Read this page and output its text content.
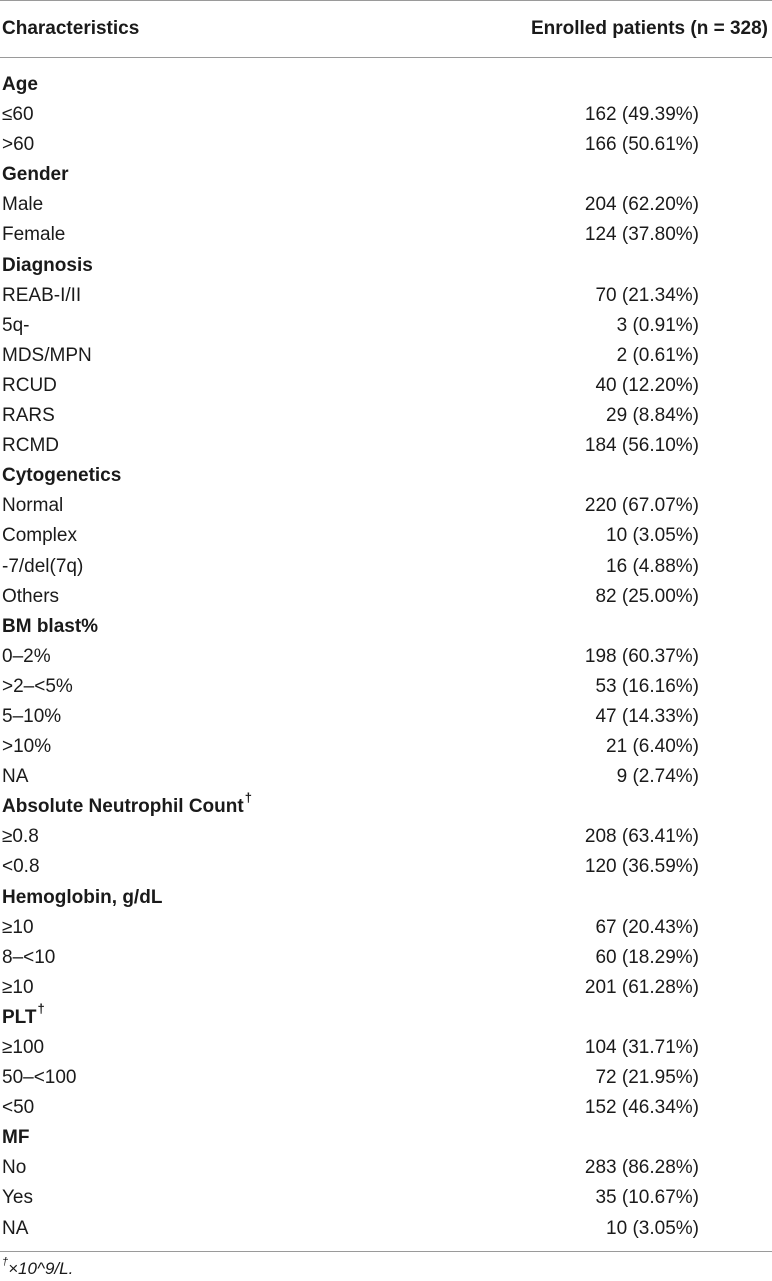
Characteristics	Enrolled patients (n = 328)
Age
≤60	162 (49.39%)
>60	166 (50.61%)
Gender
Male	204 (62.20%)
Female	124 (37.80%)
Diagnosis
REAB-I/II	70 (21.34%)
5q-	3 (0.91%)
MDS/MPN	2 (0.61%)
RCUD	40 (12.20%)
RARS	29 (8.84%)
RCMD	184 (56.10%)
Cytogenetics
Normal	220 (67.07%)
Complex	10 (3.05%)
-7/del(7q)	16 (4.88%)
Others	82 (25.00%)
BM blast%
0–2%	198 (60.37%)
>2–<5%	53 (16.16%)
5–10%	47 (14.33%)
>10%	21 (6.40%)
NA	9 (2.74%)
Absolute Neutrophil Count†
≥0.8	208 (63.41%)
<0.8	120 (36.59%)
Hemoglobin, g/dL
≥10	67 (20.43%)
8–<10	60 (18.29%)
≥10	201 (61.28%)
PLT†
≥100	104 (31.71%)
50–<100	72 (21.95%)
<50	152 (46.34%)
MF
No	283 (86.28%)
Yes	35 (10.67%)
NA	10 (3.05%)
†×10^9/L.
